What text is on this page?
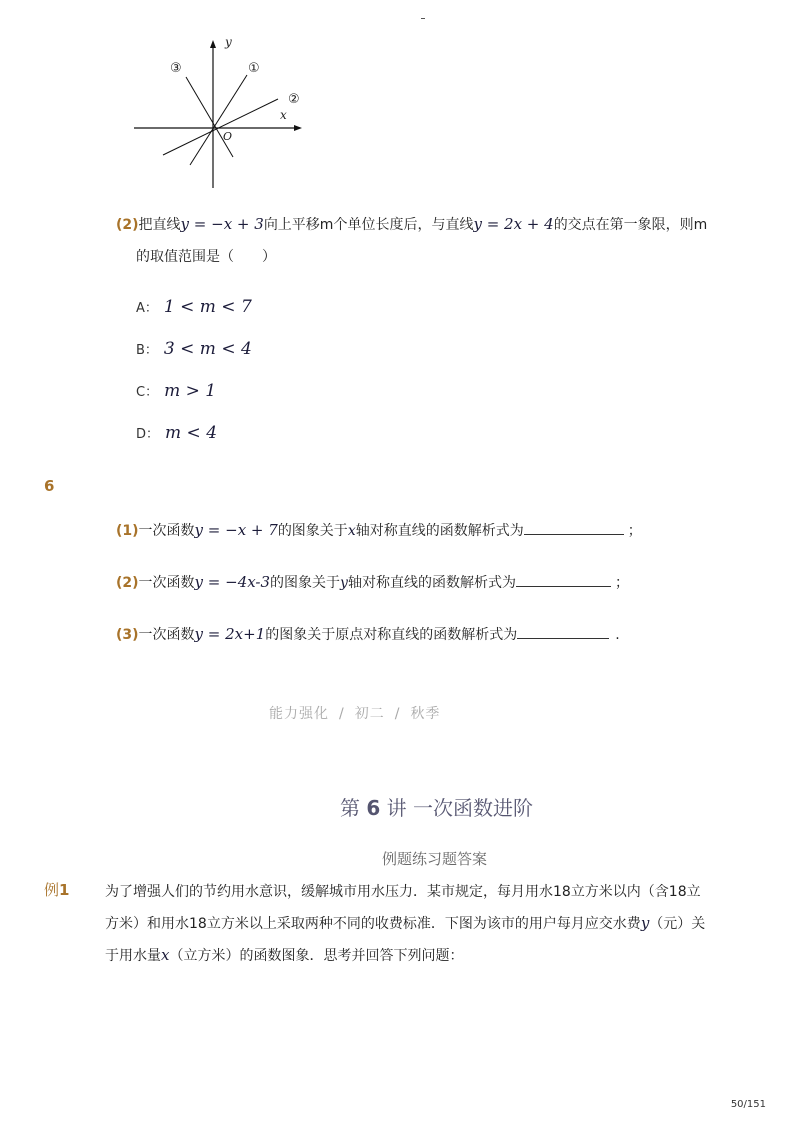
y
x
O
③	①
②
(2)把直线y = −x + 3向上平移m个单位长度后，与直线y = 2x + 4的交点在第一象限，则m
的取值范围是（　　）
A： 1 < m < 7
B： 3 < m < 4
C： m > 1
D： m < 4
6
(1)一次函数y = −x + 7的图象关于x轴对称直线的函数解析式为	；
(2)一次函数y = −4x-3的图象关于y轴对称直线的函数解析式为	；
(3)一次函数y = 2x+1的图象关于原点对称直线的函数解析式为	.
能力强化 / 初二 / 秋季
第 6 讲 一次函数进阶
例题练习题答案
例1	为了增强人们的节约用水意识，缓解城市用水压力．某市规定，每月用水18立方米以内（含18立
方米）和用水18立方米以上采取两种不同的收费标准．下图为该市的用户每月应交水费y（元）关
于用水量x（立方米）的函数图象．思考并回答下列问题：
50/151
